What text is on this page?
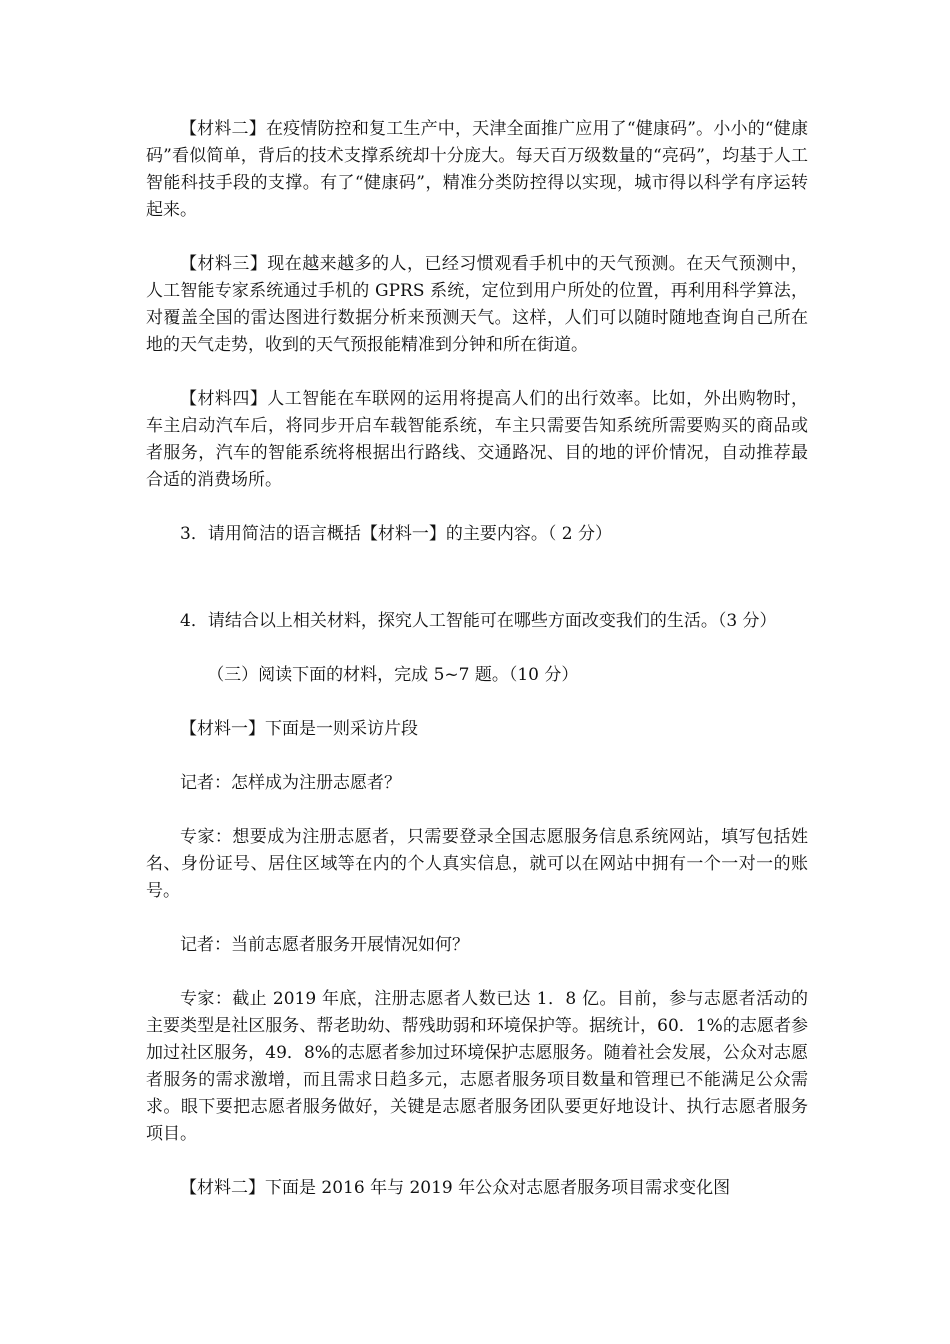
【材料二】在疫情防控和复工生产中，天津全面推广应用了“健康码”。小小的“健康码”看似简单，背后的技术支撑系统却十分庞大。每天百万级数量的“亮码”，均基于人工智能科技手段的支撑。有了“健康码”，精准分类防控得以实现，城市得以科学有序运转起来。

【材料三】现在越来越多的人，已经习惯观看手机中的天气预测。在天气预测中，人工智能专家系统通过手机的 GPRS 系统，定位到用户所处的位置，再利用科学算法，对覆盖全国的雷达图进行数据分析来预测天气。这样，人们可以随时随地查询自己所在地的天气走势，收到的天气预报能精准到分钟和所在街道。

【材料四】人工智能在车联网的运用将提高人们的出行效率。比如，外出购物时，车主启动汽车后，将同步开启车载智能系统，车主只需要告知系统所需要购买的商品或者服务，汽车的智能系统将根据出行路线、交通路况、目的地的评价情况，自动推荐最合适的消费场所。

3．请用简洁的语言概括【材料一】的主要内容。（ 2 分）

4．请结合以上相关材料，探究人工智能可在哪些方面改变我们的生活。（3 分）

（三）阅读下面的材料，完成 5~7 题。（10 分）

【材料一】下面是一则采访片段

记者：怎样成为注册志愿者？

专家：想要成为注册志愿者，只需要登录全国志愿服务信息系统网站，填写包括姓名、身份证号、居住区域等在内的个人真实信息，就可以在网站中拥有一个一对一的账号。

记者：当前志愿者服务开展情况如何？

专家：截止 2019 年底，注册志愿者人数已达 1．8 亿。目前，参与志愿者活动的主要类型是社区服务、帮老助幼、帮残助弱和环境保护等。据统计，60．1%的志愿者参加过社区服务，49．8%的志愿者参加过环境保护志愿服务。随着社会发展，公众对志愿者服务的需求激增，而且需求日趋多元，志愿者服务项目数量和管理已不能满足公众需求。眼下要把志愿者服务做好，关键是志愿者服务团队要更好地设计、执行志愿者服务项目。

【材料二】下面是 2016 年与 2019 年公众对志愿者服务项目需求变化图
